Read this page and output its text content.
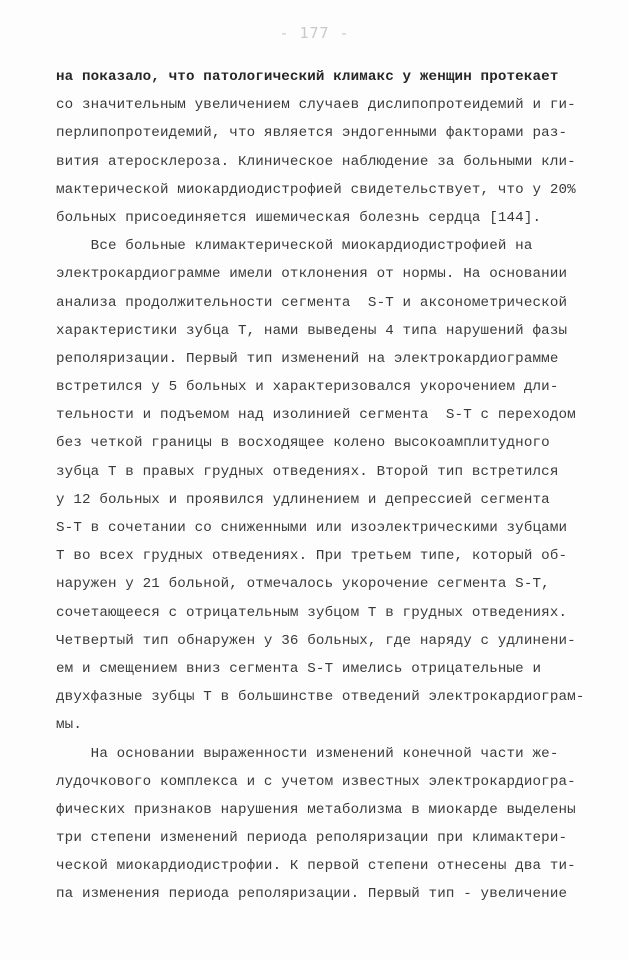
- 177 -
на показало, что патологический климакс у женщин протекает
со значительным увеличением случаев дислипопротеидемий и ги-
перлипопротеидемий, что является эндогенными факторами раз-
вития атеросклероза. Клиническое наблюдение за больными кли-
мактерической миокардиодистрофией свидетельствует, что у 20%
больных присоединяется ишемическая болезнь сердца [144].
Все больные климактерической миокардиодистрофией на
электрокардиограмме имели отклонения от нормы. На основании
анализа продолжительности сегмента  S-T и аксонометрической
характеристики зубца Т, нами выведены 4 типа нарушений фазы
реполяризации. Первый тип изменений на электрокардиограмме
встретился у 5 больных и характеризовался укорочением дли-
тельности и подъемом над изолинией сегмента  S-T с переходом
без четкой границы в восходящее колено высокоамплитудного
зубца Т в правых грудных отведениях. Второй тип встретился
у 12 больных и проявился удлинением и депрессией сегмента
S-T в сочетании со сниженными или изоэлектрическими зубцами
Т во всех грудных отведениях. При третьем типе, который об-
наружен у 21 больной, отмечалось укорочение сегмента S-T,
сочетающееся с отрицательным зубцом Т в грудных отведениях.
Четвертый тип обнаружен у 36 больных, где наряду с удлинени-
ем и смещением вниз сегмента S-T имелись отрицательные и
двухфазные зубцы Т в большинстве отведений электрокардиограм-
мы.
На основании выраженности изменений конечной части же-
лудочкового комплекса и с учетом известных электрокардиогра-
фических признаков нарушения метаболизма в миокарде выделены
три степени изменений периода реполяризации при климактери-
ческой миокардиодистрофии. К первой степени отнесены два ти-
па изменения периода реполяризации. Первый тип - увеличение
